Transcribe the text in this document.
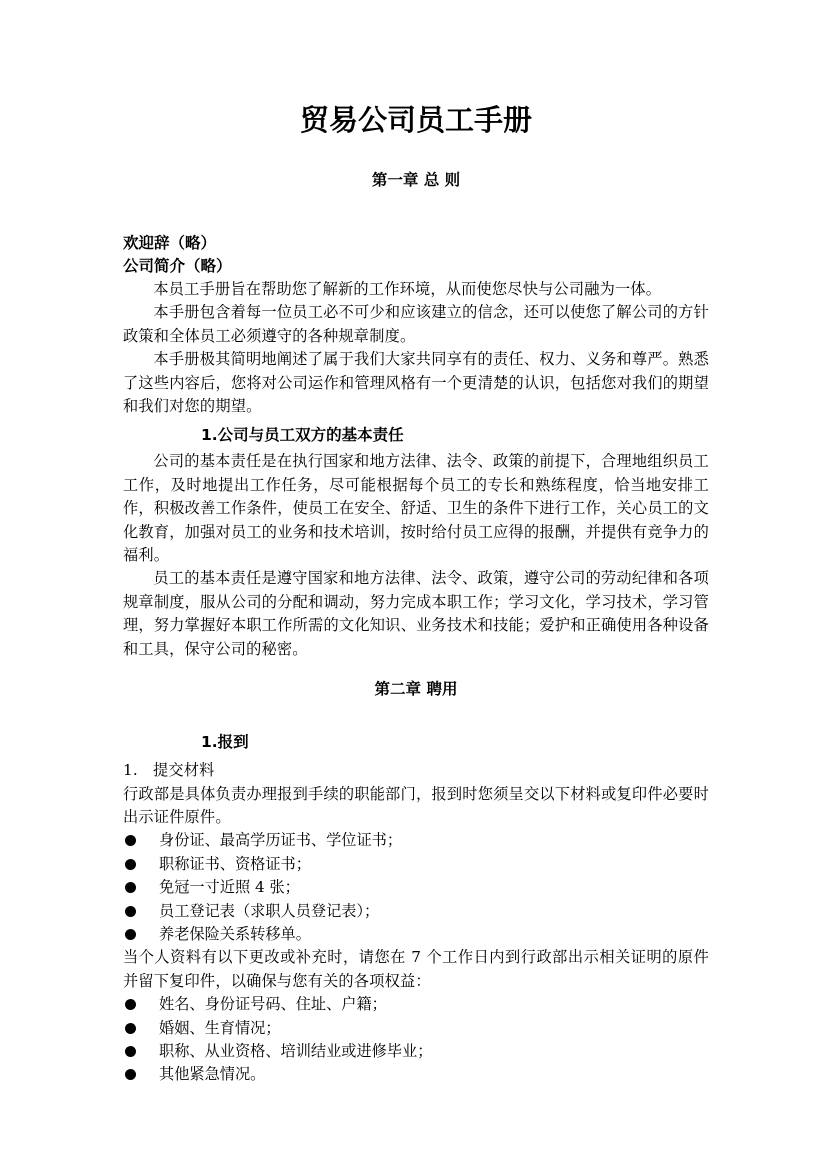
贸易公司员工手册
第一章 总 则
欢迎辞（略）
公司简介（略）

本员工手册旨在帮助您了解新的工作环境，从而使您尽快与公司融为一体。

本手册包含着每一位员工必不可少和应该建立的信念，还可以使您了解公司的方针政策和全体员工必须遵守的各种规章制度。

本手册极其简明地阐述了属于我们大家共同享有的责任、权力、义务和尊严。熟悉了这些内容后，您将对公司运作和管理风格有一个更清楚的认识，包括您对我们的期望和我们对您的期望。

1.公司与员工双方的基本责任

公司的基本责任是在执行国家和地方法律、法令、政策的前提下，合理地组织员工工作，及时地提出工作任务，尽可能根据每个员工的专长和熟练程度，恰当地安排工作，积极改善工作条件，使员工在安全、舒适、卫生的条件下进行工作，关心员工的文化教育，加强对员工的业务和技术培训，按时给付员工应得的报酬，并提供有竞争力的福利。

员工的基本责任是遵守国家和地方法律、法令、政策，遵守公司的劳动纪律和各项规章制度，服从公司的分配和调动，努力完成本职工作；学习文化，学习技术，学习管理，努力掌握好本职工作所需的文化知识、业务技术和技能；爱护和正确使用各种设备和工具，保守公司的秘密。

第二章 聘用
1.报到

1.   提交材料

行政部是具体负责办理报到手续的职能部门，报到时您须呈交以下材料或复印件必要时出示证件原件。

身份证、最高学历证书、学位证书；
职称证书、资格证书；
免冠一寸近照 4 张；
员工登记表（求职人员登记表）；
养老保险关系转移单。

当个人资料有以下更改或补充时，请您在 7 个工作日内到行政部出示相关证明的原件并留下复印件，以确保与您有关的各项权益：

姓名、身份证号码、住址、户籍；
婚姻、生育情况；
职称、从业资格、培训结业或进修毕业；
其他紧急情况。
